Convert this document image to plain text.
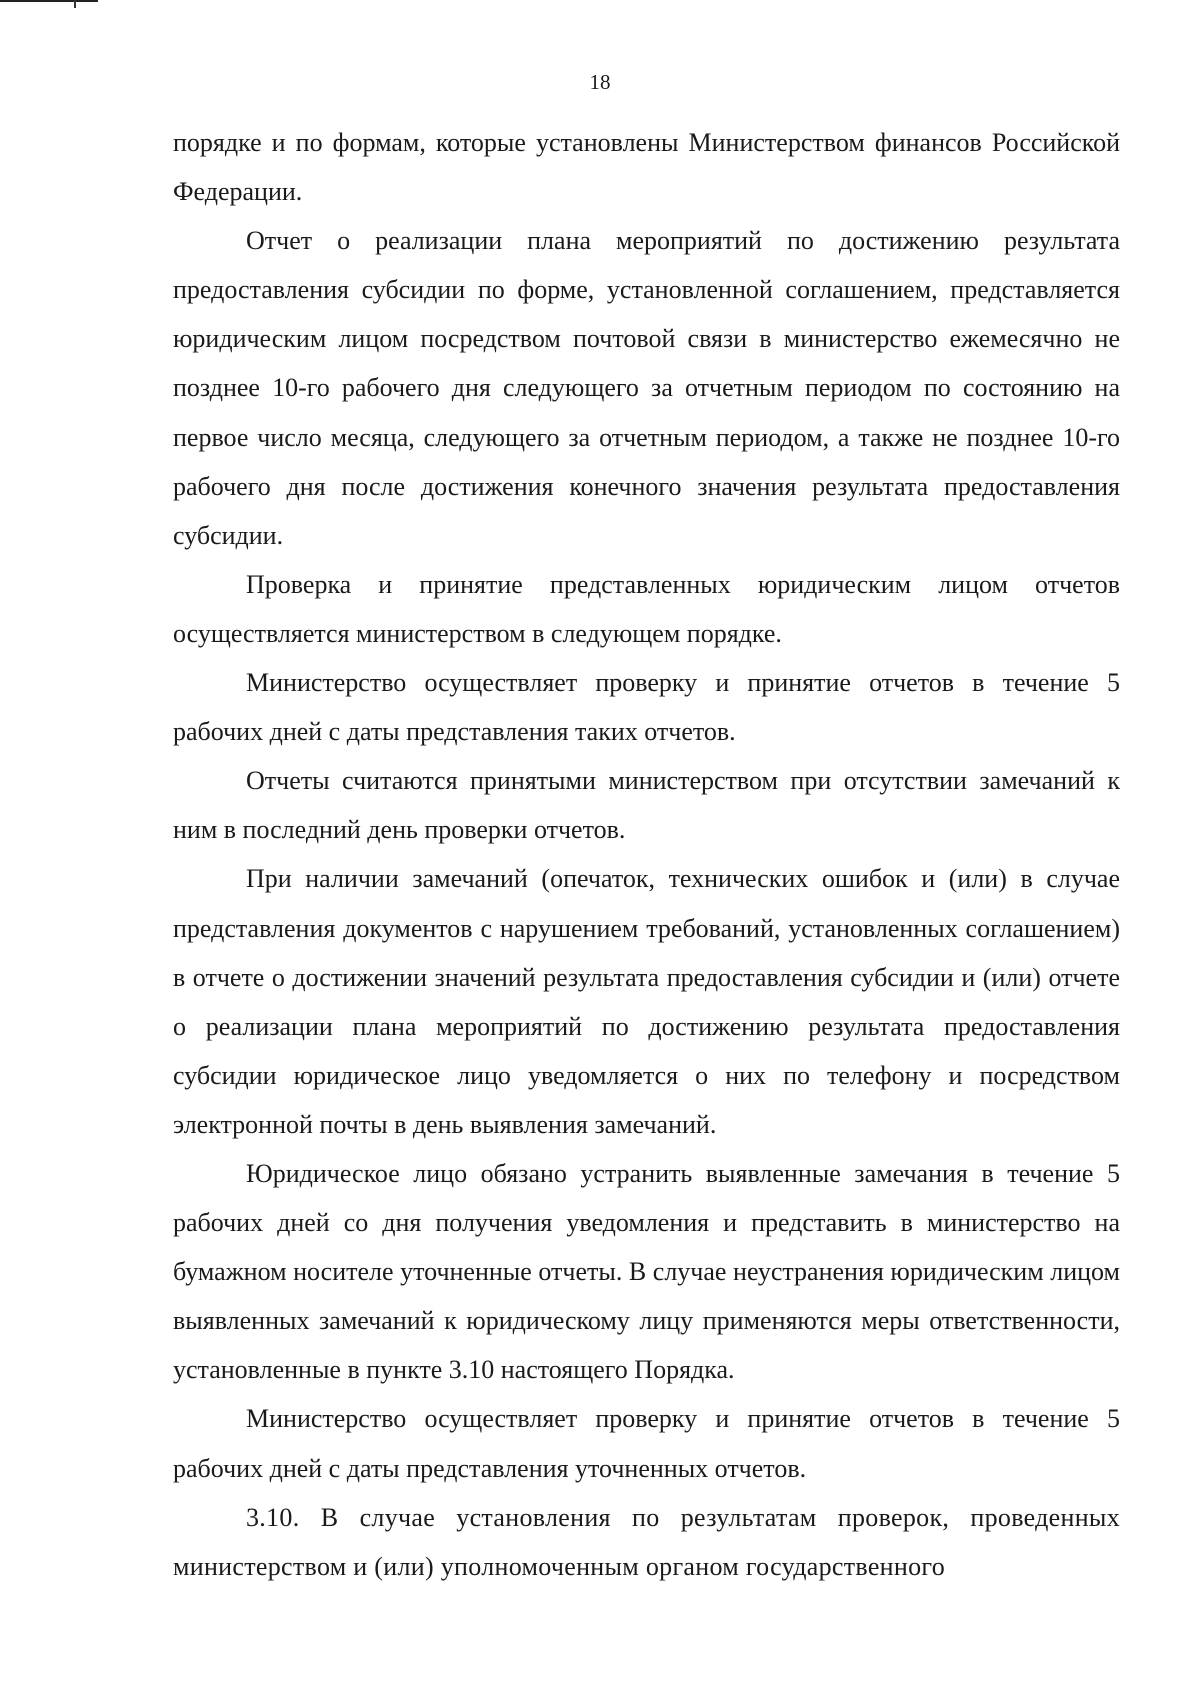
18

порядке и по формам, которые установлены Министерством финансов Российской Федерации.

Отчет о реализации плана мероприятий по достижению результата предоставления субсидии по форме, установленной соглашением, представляется юридическим лицом посредством почтовой связи в министерство ежемесячно не позднее 10-го рабочего дня следующего за отчетным периодом по состоянию на первое число месяца, следующего за отчетным периодом, а также не позднее 10-го рабочего дня после достижения конечного значения результата предоставления субсидии.

Проверка и принятие представленных юридическим лицом отчетов осуществляется министерством в следующем порядке.

Министерство осуществляет проверку и принятие отчетов в течение 5 рабочих дней с даты представления таких отчетов.

Отчеты считаются принятыми министерством при отсутствии замечаний к ним в последний день проверки отчетов.

При наличии замечаний (опечаток, технических ошибок и (или) в случае представления документов с нарушением требований, установленных соглашением) в отчете о достижении значений результата предоставления субсидии и (или) отчете о реализации плана мероприятий по достижению результата предоставления субсидии юридическое лицо уведомляется о них по телефону и посредством электронной почты в день выявления замечаний.

Юридическое лицо обязано устранить выявленные замечания в течение 5 рабочих дней со дня получения уведомления и представить в министерство на бумажном носителе уточненные отчеты. В случае неустранения юридическим лицом выявленных замечаний к юридическому лицу применяются меры ответственности, установленные в пункте 3.10 настоящего Порядка.

Министерство осуществляет проверку и принятие отчетов в течение 5 рабочих дней с даты представления уточненных отчетов.

3.10. В случае установления по результатам проверок, проведенных министерством и (или) уполномоченным органом государственного
